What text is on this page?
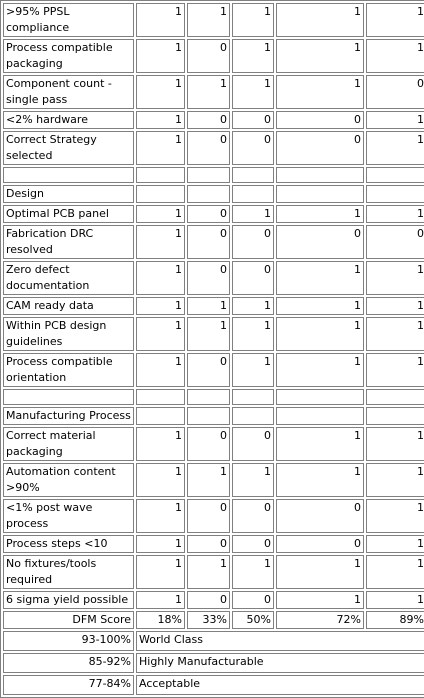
>95% PPSL compliance	1	1	1	1	1
Process compatible packaging	1	0	1	1	1
Component count - single pass	1	1	1	1	0
<2% hardware	1	0	0	0	1
Correct Strategy selected	1	0	0	0	1

Design					
Optimal PCB panel	1	0	1	1	1
Fabrication DRC resolved	1	0	0	0	0
Zero defect documentation	1	0	0	1	1
CAM ready data	1	1	1	1	1
Within PCB design guidelines	1	1	1	1	1
Process compatible orientation	1	0	1	1	1

Manufacturing Process					
Correct material packaging	1	0	0	1	1
Automation content >90%	1	1	1	1	1
<1% post wave process	1	0	0	0	1
Process steps <10	1	0	0	0	1
No fixtures/tools required	1	1	1	1	1
6 sigma yield possible	1	0	0	1	1
DFM Score	18%	33%	50%	72%	89%
93-100%	World Class				
85-92%	Highly Manufacturable				
77-84%	Acceptable				
